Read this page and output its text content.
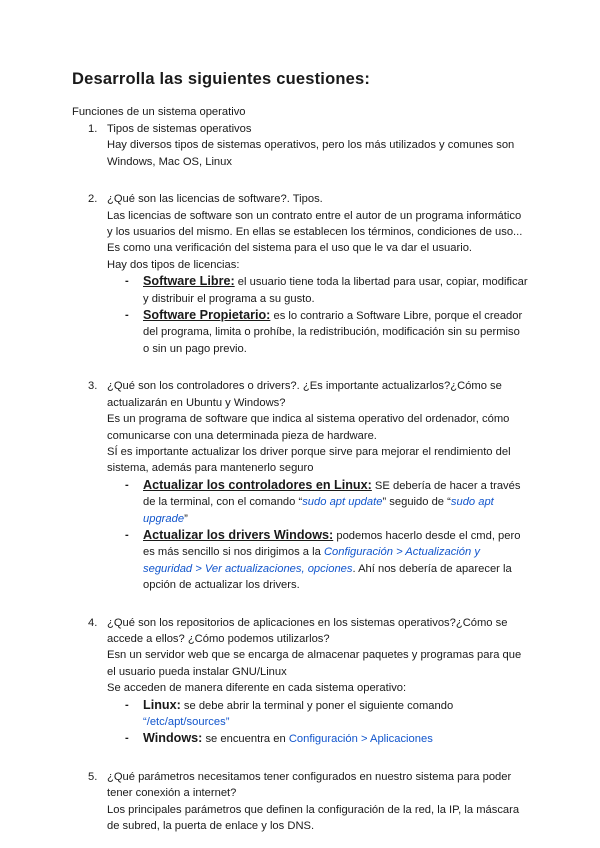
Desarrolla las siguientes cuestiones:

Funciones de un sistema operativo

1. Tipos de sistemas operativos

Hay diversos tipos de sistemas operativos, pero los más utilizados y comunes son Windows, Mac OS, Linux

2. ¿Qué son las licencias de software?. Tipos.

Las licencias de software son un contrato entre el autor de un programa informático y los usuarios del mismo. En ellas se establecen los términos, condiciones de uso... Es como una verificación del sistema para el uso que le va dar el usuario.

Hay dos tipos de licencias:

- Software Libre: el usuario tiene toda la libertad para usar, copiar, modificar y distribuir el programa a su gusto.
- Software Propietario: es lo contrario a Software Libre, porque el creador del programa, limita o prohíbe, la redistribución, modificación sin su permiso o sin un pago previo.
3. ¿Qué son los controladores o drivers?. ¿Es importante actualizarlos?¿Cómo se actualizarán en Ubuntu y Windows?

Es un programa de software que indica al sistema operativo del ordenador, cómo comunicarse con una determinada pieza de hardware.

SÍ es importante actualizar los driver porque sirve para mejorar el rendimiento del sistema, además para mantenerlo seguro

- Actualizar los controladores en Linux: SE debería de hacer a través de la terminal, con el comando “sudo apt update” seguido de “sudo apt upgrade”
- Actualizar los drivers Windows: podemos hacerlo desde el cmd, pero es más sencillo si nos dirigimos a la Configuración > Actualización y seguridad > Ver actualizaciones, opciones. Ahí nos debería de aparecer la opción de actualizar los drivers.
4. ¿Qué son los repositorios de aplicaciones en los sistemas operativos?¿Cómo se accede a ellos? ¿Cómo podemos utilizarlos?

Esn un servidor web que se encarga de almacenar paquetes y programas para que el usuario pueda instalar GNU/Linux

Se acceden de manera diferente en cada sistema operativo:

- Linux: se debe abrir la terminal y poner el siguiente comando “/etc/apt/sources”
- Windows: se encuentra en Configuración > Aplicaciones
5. ¿Qué parámetros necesitamos tener configurados en nuestro sistema para poder tener conexión a internet?

Los principales parámetros que definen la configuración de la red, la IP, la máscara de subred, la puerta de enlace y los DNS.
